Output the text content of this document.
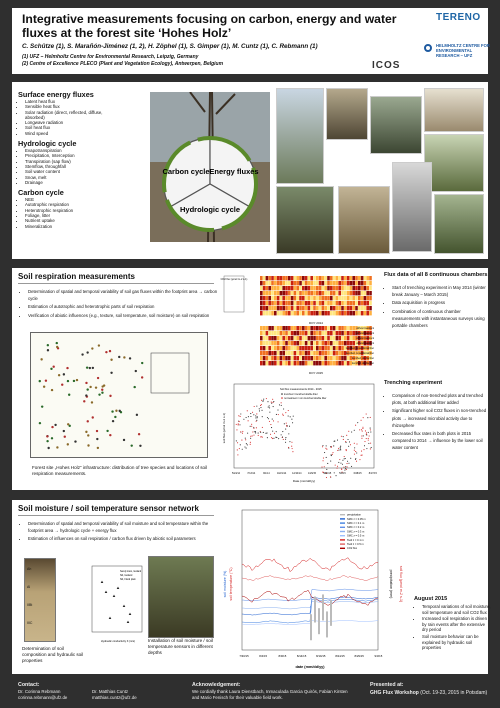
Integrative measurements focusing on carbon, energy and water fluxes at the forest site ‘Hohes Holz’
C. Schütze (1), S. Marañón-Jiménez (1, 2), H. Zöphel (1), S. Gimper (1), M. Cuntz (1), C. Rebmann (1)
(1) UFZ – Helmholtz Centre for Environmental Research, Leipzig, Germany
(2) Centre of Excellence PLECO (Plant and Vegetation Ecology), Antwerpen, Belgium
TERENO
ICOS
HELMHOLTZ CENTRE FOR ENVIRONMENTAL RESEARCH – UFZ

Surface energy fluxes

• Latent heat flux
• Sensible heat flux
• Solar radiation (direct, reflected, diffuse, absorbed)
• Longwave radiation
• Soil heat flux
• Wind speed

Hydrologic cycle

• Evapotranspiration
• Precipitation, Interception
• Transpiration (sap flow)
• Stemflow, throughfall
• Soil water content
• Snow, melt
• Drainage

Carbon cycle

• NEE
• Autotrophic respiration
• Heterotrophic respiration
• Foliage, litter
• Nutrient uptake
• Mineralization
Carbon cycle Energy fluxes
Hydrologic cycle
Soil respiration measurements
• Determination of spatial and temporal variability of soil gas fluxes within the footprint area → carbon cycle
• Estimation of autotrophic and heterotrophic parts of soil respiration
• Verification of abiotic influences (e.g., texture, soil temperature, soil moisture) on soil respiration
Forest site „Hohes Holz“ infrastructure: distribution of tree species and locations of soil respiration measurements.
CO2 flux (µmol m-2 s-1)
DOY 2014
DOY 2015
without treatment
without treatment
without treatment
without treatment
trenched, no additional litter
trenched, no additional litter
trenched, double litter
trenched, double litter
Flux data of all 8 continuous chambers
• Start of trenching experiment in May 2014 (winter break January – March 2015)
• Data acquisition in progress
• Combination of continuous chamber measurements with instantaneous surveys using portable chambers
Soil flux measurements 2014 - 2015
trenched / trenched double litter
no treatment / non trenched double litter
soil flux (µmol m-2 s-1)
5/24/14	7/13/14	9/1/14	10/21/14 12/10/14	1/29/15	3/20/15	5/9/15	6/28/15	8/17/15
Date (mm/dd/yy)
Trenching experiment
• Comparison of non-trenched plots and trenched plots, at both additional litter added
• Significant higher soil CO2 fluxes in non-trenched plots → increased microbial activity due to rhizosphere
• Decreased flux rates in both plots in 2015 compared to 2014 → influence by the lower soil water content
Soil moisture / soil temperature sensor network
• Determination of spatial and temporal variability of soil moisture and soil temperature within the footprint area → hydrologic cycle + energy flux
• Estimation of influences on soil respiration / carbon flux driven by abiotic soil parameters
Ah
Al
IIBt
IIIC
Hydraulic conductivity K (m/s)
Sandy loam, lowland
Silt, lowland
Silt, Flood plain
Determination of soil composition and hydraulic soil properties
Installation of soil moisture / soil temperature sensors in different depths
precipitation
SMC z = 0.05 m
SMC z = 0.1 m
SMC z = 0.2 m
SMC z = 0.3 m
SMC z = 0.5 m
Tsoil z = 0.1 m
Tsoil z = 0.5 m
CO2 flux
7/30/15	8/4/15	8/9/15	8/14/15	8/19/15	8/24/15	8/29/15	9/3/15
soil moisture (%) soil temperature (°C)	precipitation (mm) soil flux (µmol m-2 s-1)
date (mm/dd/yy)
August 2015
• Temporal variations of soil moisture, soil temperature and soil CO2 flux
• Increased soil respiration is driven by rain events after the extensive dry period
• Soil moisture behavior can be explained by hydraulic soil properties
Contact:
Dr. Corinna Rebmann
corinna.rebmann@ufz.de
Dr. Matthias Cuntz
matthias.cuntz@ufz.de
Acknowledgement:
We cordially thank Laura Dienstbach, Inmaculada Garcia Quirós, Fabian Kirsten and Mario Fenisch for their valuable field work.
Presented at:
GHG Flux Workshop (Oct. 19-23, 2015 in Potsdam)
